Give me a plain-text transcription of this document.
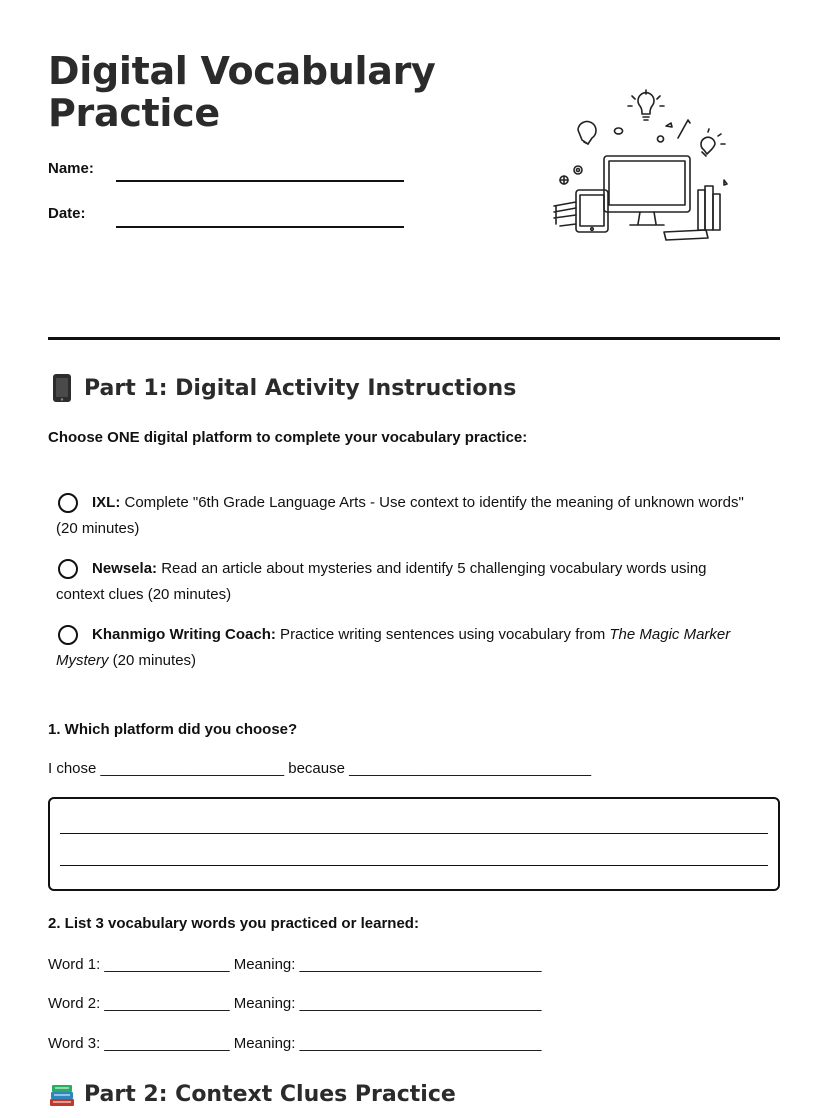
Digital Vocabulary
Practice
Name:
Date:
Part 1: Digital Activity Instructions
Choose ONE digital platform to complete your vocabulary practice:
IXL: Complete "6th Grade Language Arts - Use context to identify the meaning of unknown words"
(20 minutes)
Newsela: Read an article about mysteries and identify 5 challenging vocabulary words using
context clues (20 minutes)
Khanmigo Writing Coach: Practice writing sentences using vocabulary from The Magic Marker
Mystery (20 minutes)
1. Which platform did you choose?
I chose ______________________ because _____________________________
2. List 3 vocabulary words you practiced or learned:
Word 1: _______________ Meaning: _____________________________
Word 2: _______________ Meaning: _____________________________
Word 3: _______________ Meaning: _____________________________
Part 2: Context Clues Practice
